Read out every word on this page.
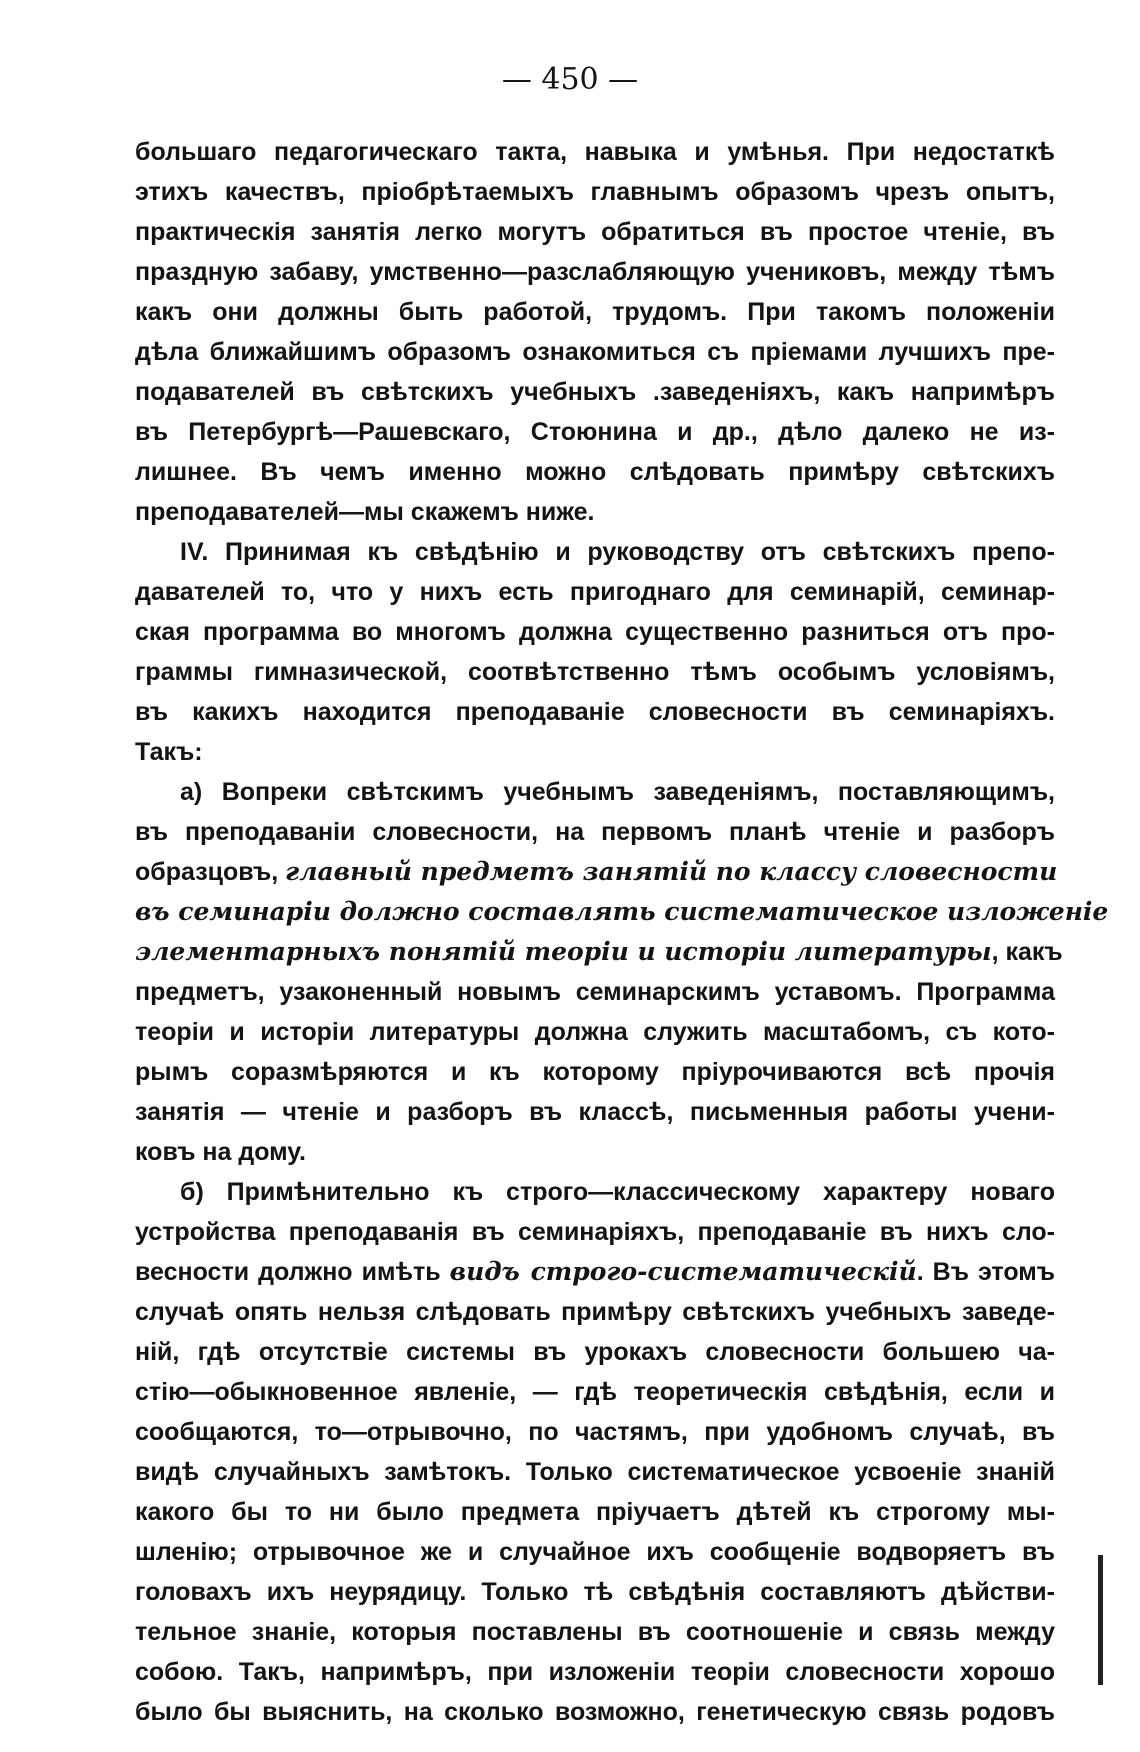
— 450 —
большаго педагогическаго такта, навыка и умѣнья. При недостаткѣ
этихъ качествъ, пріобрѣтаемыхъ главнымъ образомъ чрезъ опытъ,
практическія занятія легко могутъ обратиться въ простое чтеніе, въ
праздную забаву, умственно—разслабляющую учениковъ, между тѣмъ
какъ они должны быть работой, трудомъ. При такомъ положеніи
дѣла ближайшимъ образомъ ознакомиться съ пріемами лучшихъ пре-
подавателей въ свѣтскихъ учебныхъ .заведеніяхъ, какъ напримѣръ
въ Петербургѣ—Рашевскаго, Стоюнина и др., дѣло далеко не из-
лишнее. Въ чемъ именно можно слѣдовать примѣру свѣтскихъ
преподавателей—мы скажемъ ниже.
IV. Принимая къ свѣдѣнію и руководству отъ свѣтскихъ препо-
давателей то, что у нихъ есть пригоднаго для семинарій, семинар-
ская программа во многомъ должна существенно разниться отъ про-
граммы гимназической, соотвѣтственно тѣмъ особымъ условіямъ,
въ какихъ находится преподаваніе словесности въ семинаріяхъ.
Такъ:
а) Вопреки свѣтскимъ учебнымъ заведеніямъ, поставляющимъ,
въ преподаваніи словесности, на первомъ планѣ чтеніе и разборъ
образцовъ, главный предметъ занятій по классу словесности
въ семинаріи должно составлять систематическое изложеніе
элементарныхъ понятій теоріи и исторіи литературы, какъ
предметъ, узаконенный новымъ семинарскимъ уставомъ. Программа
теоріи и исторіи литературы должна служить масштабомъ, съ кото-
рымъ соразмѣряются и къ которому пріурочиваются всѣ прочія
занятія — чтеніе и разборъ въ классѣ, письменныя работы учени-
ковъ на дому.
б) Примѣнительно къ строго—классическому характеру новаго
устройства преподаванія въ семинаріяхъ, преподаваніе въ нихъ сло-
весности должно имѣть видъ строго-систематическій. Въ этомъ
случаѣ опять нельзя слѣдовать примѣру свѣтскихъ учебныхъ заведе-
ній, гдѣ отсутствіе системы въ урокахъ словесности большею ча-
стію—обыкновенное явленіе, — гдѣ теоретическія свѣдѣнія, если и
сообщаются, то—отрывочно, по частямъ, при удобномъ случаѣ, въ
видѣ случайныхъ замѣтокъ. Только систематическое усвоеніе знаній
какого бы то ни было предмета пріучаетъ дѣтей къ строгому мы-
шленію; отрывочное же и случайное ихъ сообщеніе водворяетъ въ
головахъ ихъ неурядицу. Только тѣ свѣдѣнія составляютъ дѣйстви-
тельное знаніе, которыя поставлены въ соотношеніе и связь между
собою. Такъ, напримѣръ, при изложеніи теоріи словесности хорошо
было бы выяснить, на сколько возможно, генетическую связь родовъ
